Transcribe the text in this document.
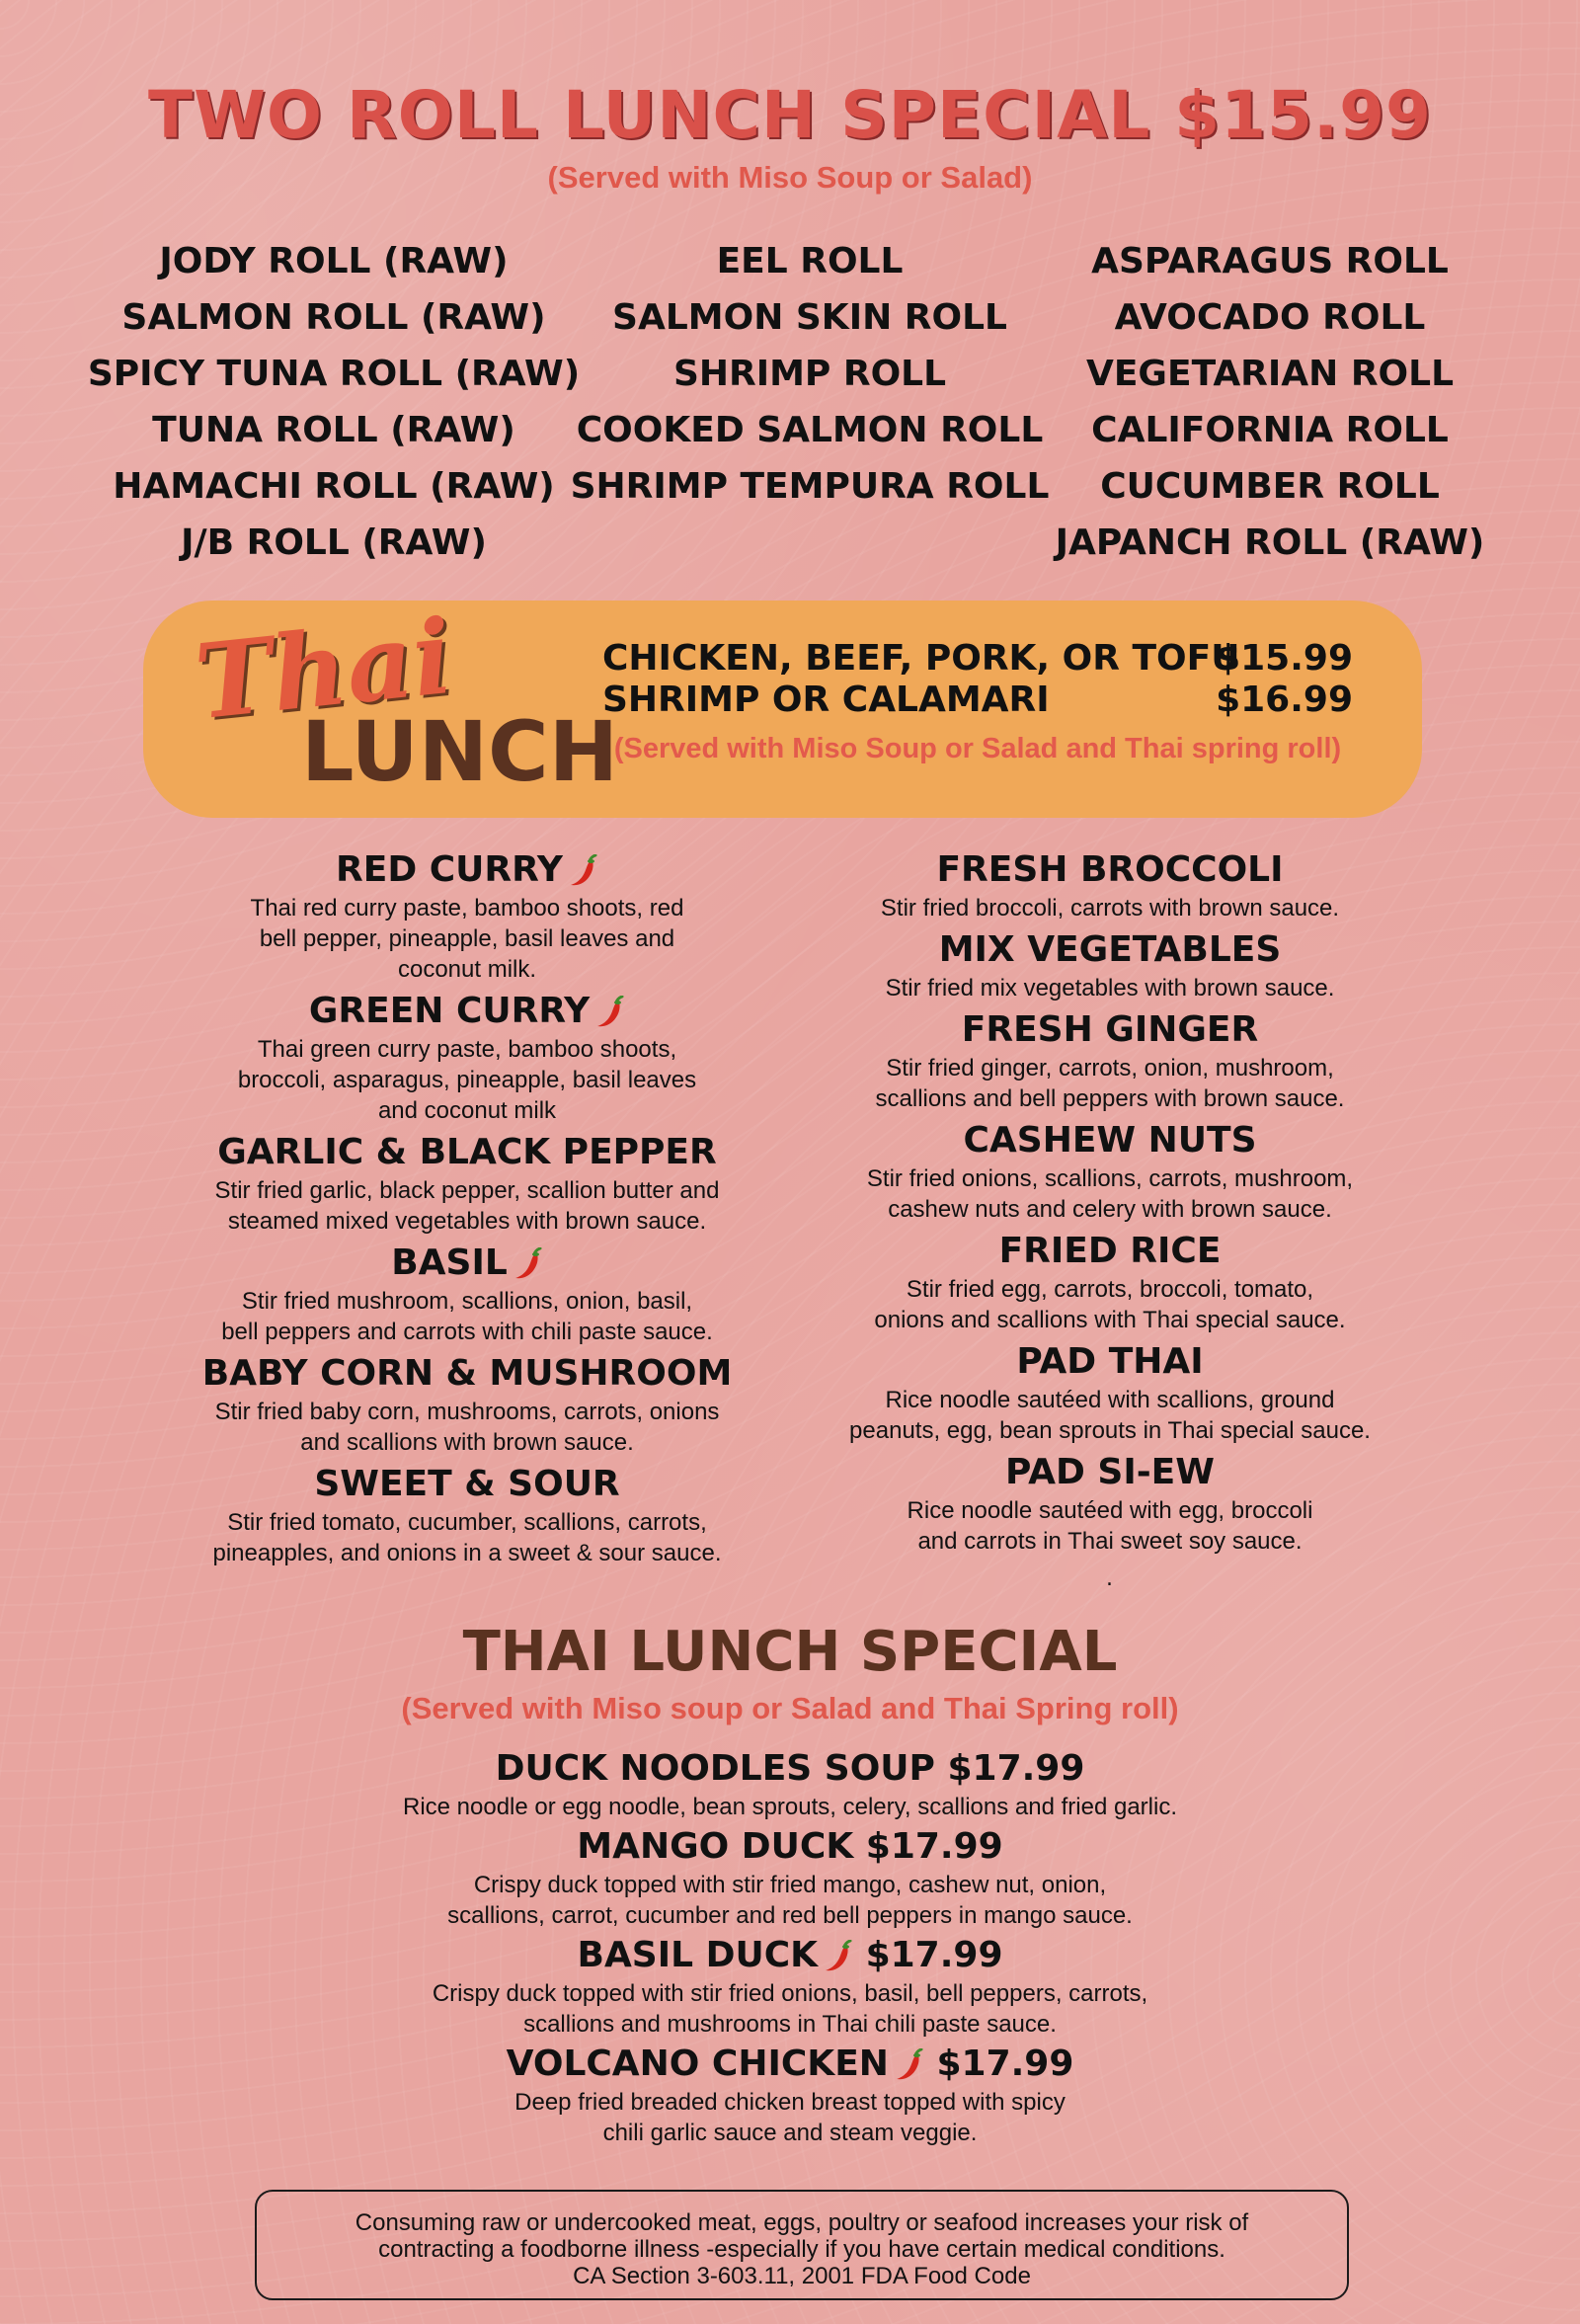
TWO ROLL LUNCH SPECIAL $15.99
(Served with Miso Soup or Salad)
JODY ROLL (RAW)
SALMON ROLL (RAW)
SPICY TUNA ROLL (RAW)
TUNA ROLL (RAW)
HAMACHI ROLL (RAW)
J/B ROLL (RAW)
EEL ROLL
SALMON SKIN ROLL
SHRIMP ROLL
COOKED SALMON ROLL
SHRIMP TEMPURA ROLL
ASPARAGUS ROLL
AVOCADO ROLL
VEGETARIAN ROLL
CALIFORNIA ROLL
CUCUMBER ROLL
JAPANCH ROLL (RAW)
Thai
LUNCH
CHICKEN, BEEF, PORK, OR TOFU
$15.99
SHRIMP OR CALAMARI	$16.99
(Served with Miso Soup or Salad and Thai spring roll)
RED CURRY
Thai red curry paste, bamboo shoots, red
bell pepper, pineapple, basil leaves and
coconut milk.
GREEN CURRY
Thai green curry paste, bamboo shoots,
broccoli, asparagus, pineapple, basil leaves
and coconut milk
GARLIC & BLACK PEPPER
Stir fried garlic, black pepper, scallion butter and
steamed mixed vegetables with brown sauce.
BASIL
Stir fried mushroom, scallions, onion, basil,
bell peppers and carrots with chili paste sauce.
BABY CORN & MUSHROOM
Stir fried baby corn, mushrooms, carrots, onions
and scallions with brown sauce.
SWEET & SOUR
Stir fried tomato, cucumber, scallions, carrots,
pineapples, and onions in a sweet & sour sauce.
FRESH BROCCOLI
Stir fried broccoli, carrots with brown sauce.
MIX VEGETABLES
Stir fried mix vegetables with brown sauce.
FRESH GINGER
Stir fried ginger, carrots, onion, mushroom,
scallions and bell peppers with brown sauce.
CASHEW NUTS
Stir fried onions, scallions, carrots, mushroom,
cashew nuts and celery with brown sauce.
FRIED RICE
Stir fried egg, carrots, broccoli, tomato,
onions and scallions with Thai special sauce.
PAD THAI
Rice noodle sautéed with scallions, ground
peanuts, egg, bean sprouts in Thai special sauce.
PAD SI-EW
Rice noodle sautéed with egg, broccoli
and carrots in Thai sweet soy sauce.
.
THAI LUNCH SPECIAL
(Served with Miso soup or Salad and Thai Spring roll)
DUCK NOODLES SOUP $17.99
Rice noodle or egg noodle, bean sprouts, celery, scallions and fried garlic.
MANGO DUCK $17.99
Crispy duck topped with stir fried mango, cashew nut, onion,
scallions, carrot, cucumber and red bell peppers in mango sauce.
BASIL DUCK $17.99
Crispy duck topped with stir fried onions, basil, bell peppers, carrots,
scallions and mushrooms in Thai chili paste sauce.
VOLCANO CHICKEN $17.99
Deep fried breaded chicken breast topped with spicy
chili garlic sauce and steam veggie.
Consuming raw or undercooked meat, eggs, poultry or seafood increases your risk of
contracting a foodborne illness -especially if you have certain medical conditions.
CA Section 3-603.11, 2001 FDA Food Code
